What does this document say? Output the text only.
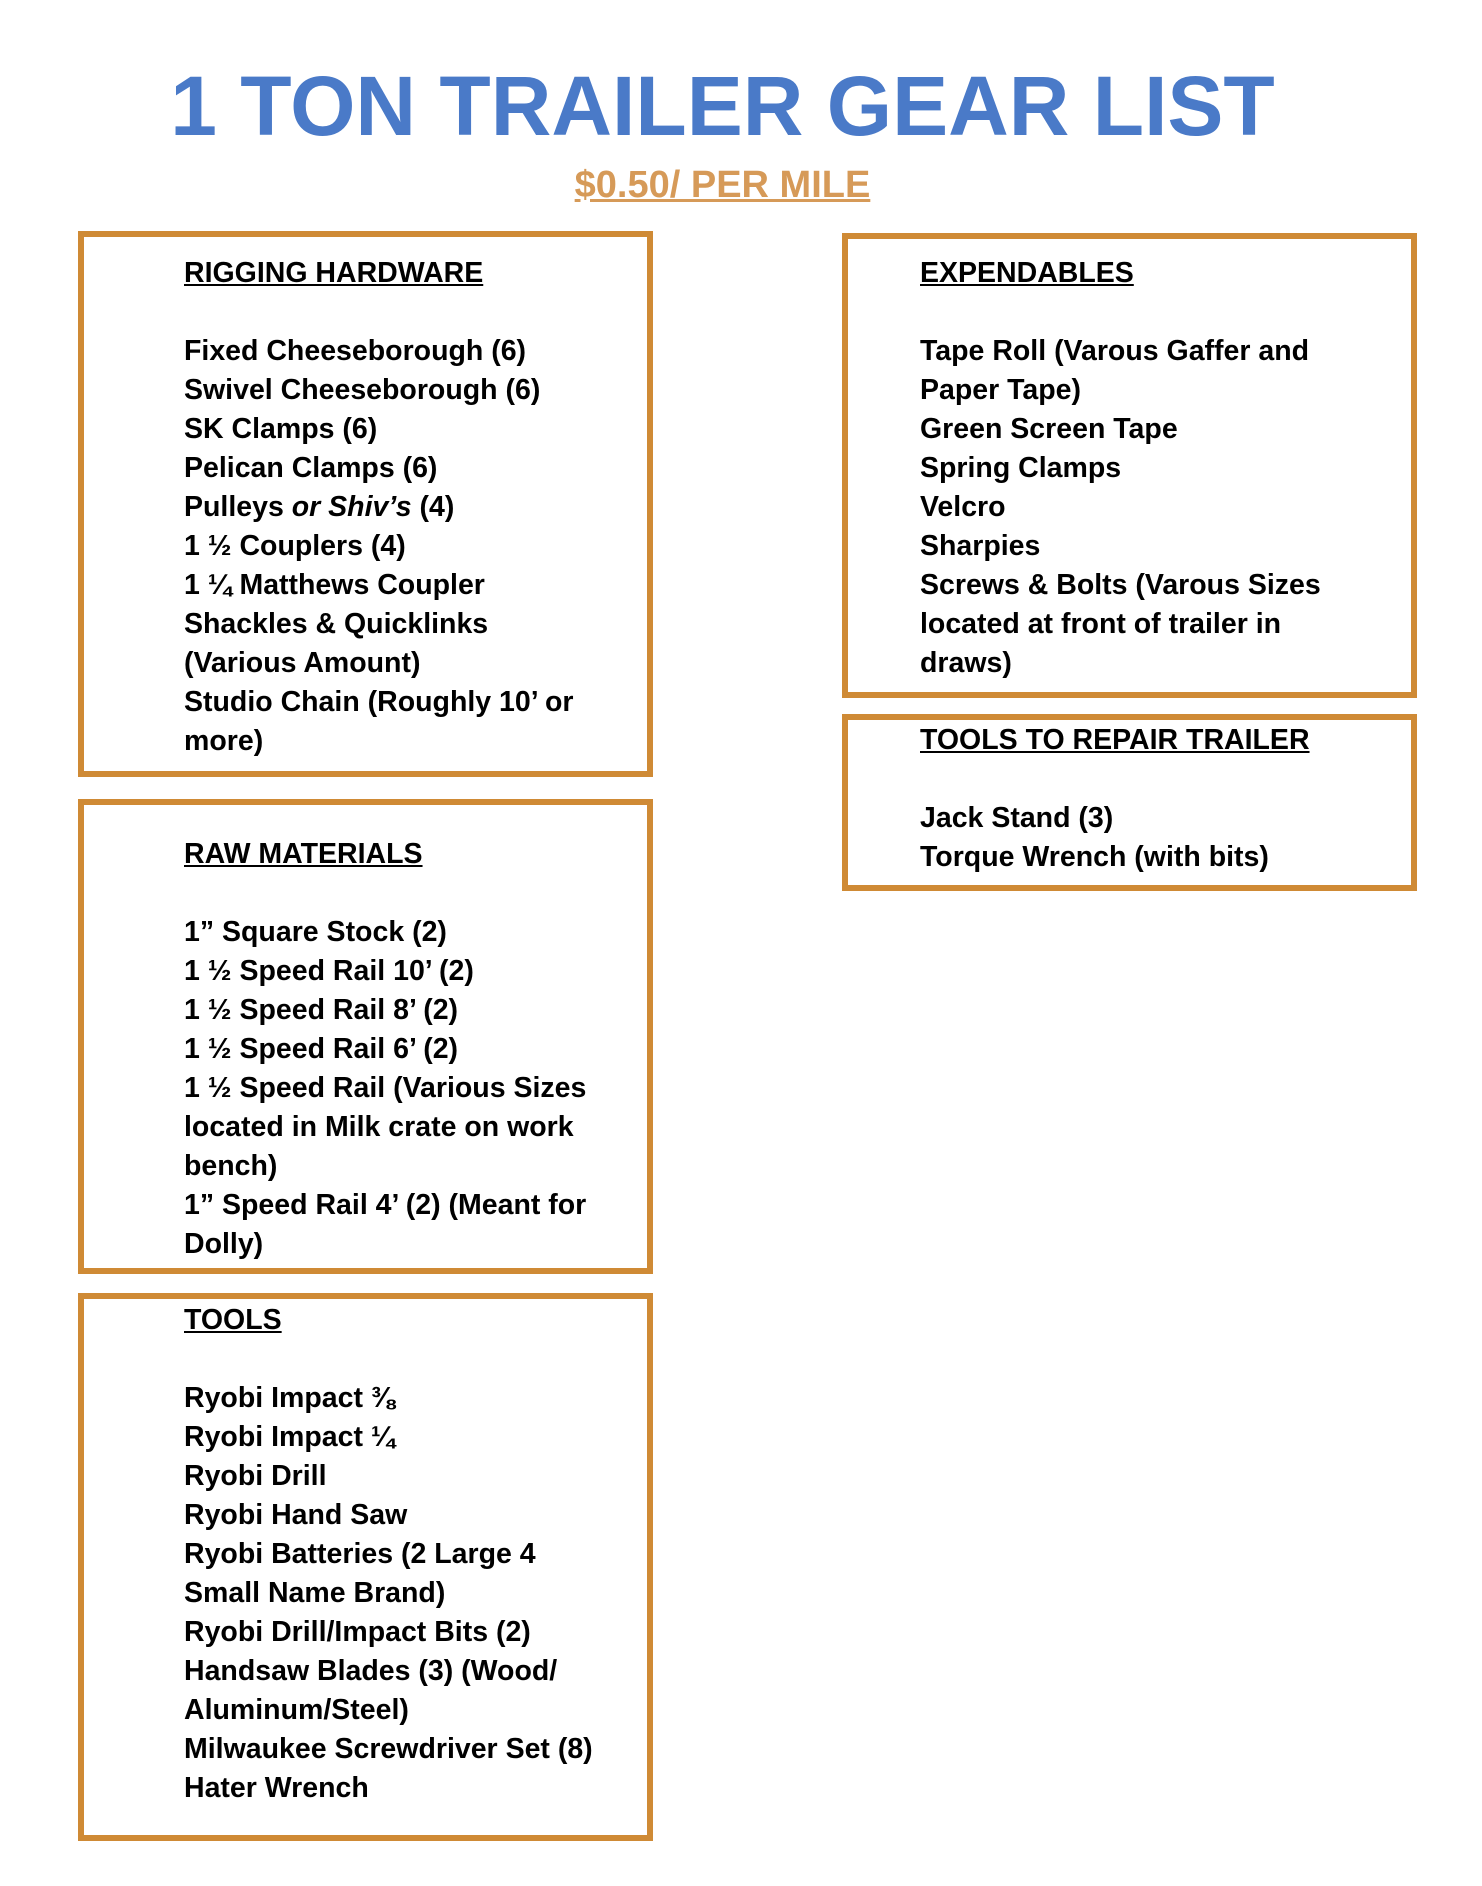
1 TON TRAILER GEAR LIST
$0.50/ PER MILE

RIGGING HARDWARE

Fixed Cheeseborough (6)

Swivel Cheeseborough (6)

SK Clamps (6)

Pelican Clamps (6)

Pulleys or Shiv’s (4)

1 ½ Couplers (4)

1 ¼ Matthews Coupler

Shackles & Quicklinks

(Various Amount)

Studio Chain (Roughly 10’ or

more)

RAW MATERIALS

1” Square Stock (2)

1 ½ Speed Rail 10’ (2)

1 ½ Speed Rail 8’ (2)

1 ½ Speed Rail 6’ (2)

1 ½ Speed Rail (Various Sizes

located in Milk crate on work

bench)

1” Speed Rail 4’ (2) (Meant for

Dolly)

TOOLS

Ryobi Impact ⅜

Ryobi Impact ¼

Ryobi Drill

Ryobi Hand Saw

Ryobi Batteries (2 Large 4

Small Name Brand)

Ryobi Drill/Impact Bits (2)

Handsaw Blades (3) (Wood/

Aluminum/Steel)

Milwaukee Screwdriver Set (8)

Hater Wrench

EXPENDABLES

Tape Roll (Varous Gaffer and

Paper Tape)

Green Screen Tape

Spring Clamps

Velcro

Sharpies

Screws & Bolts (Varous Sizes

located at front of trailer in

draws)

TOOLS TO REPAIR TRAILER

Jack Stand (3)

Torque Wrench (with bits)
